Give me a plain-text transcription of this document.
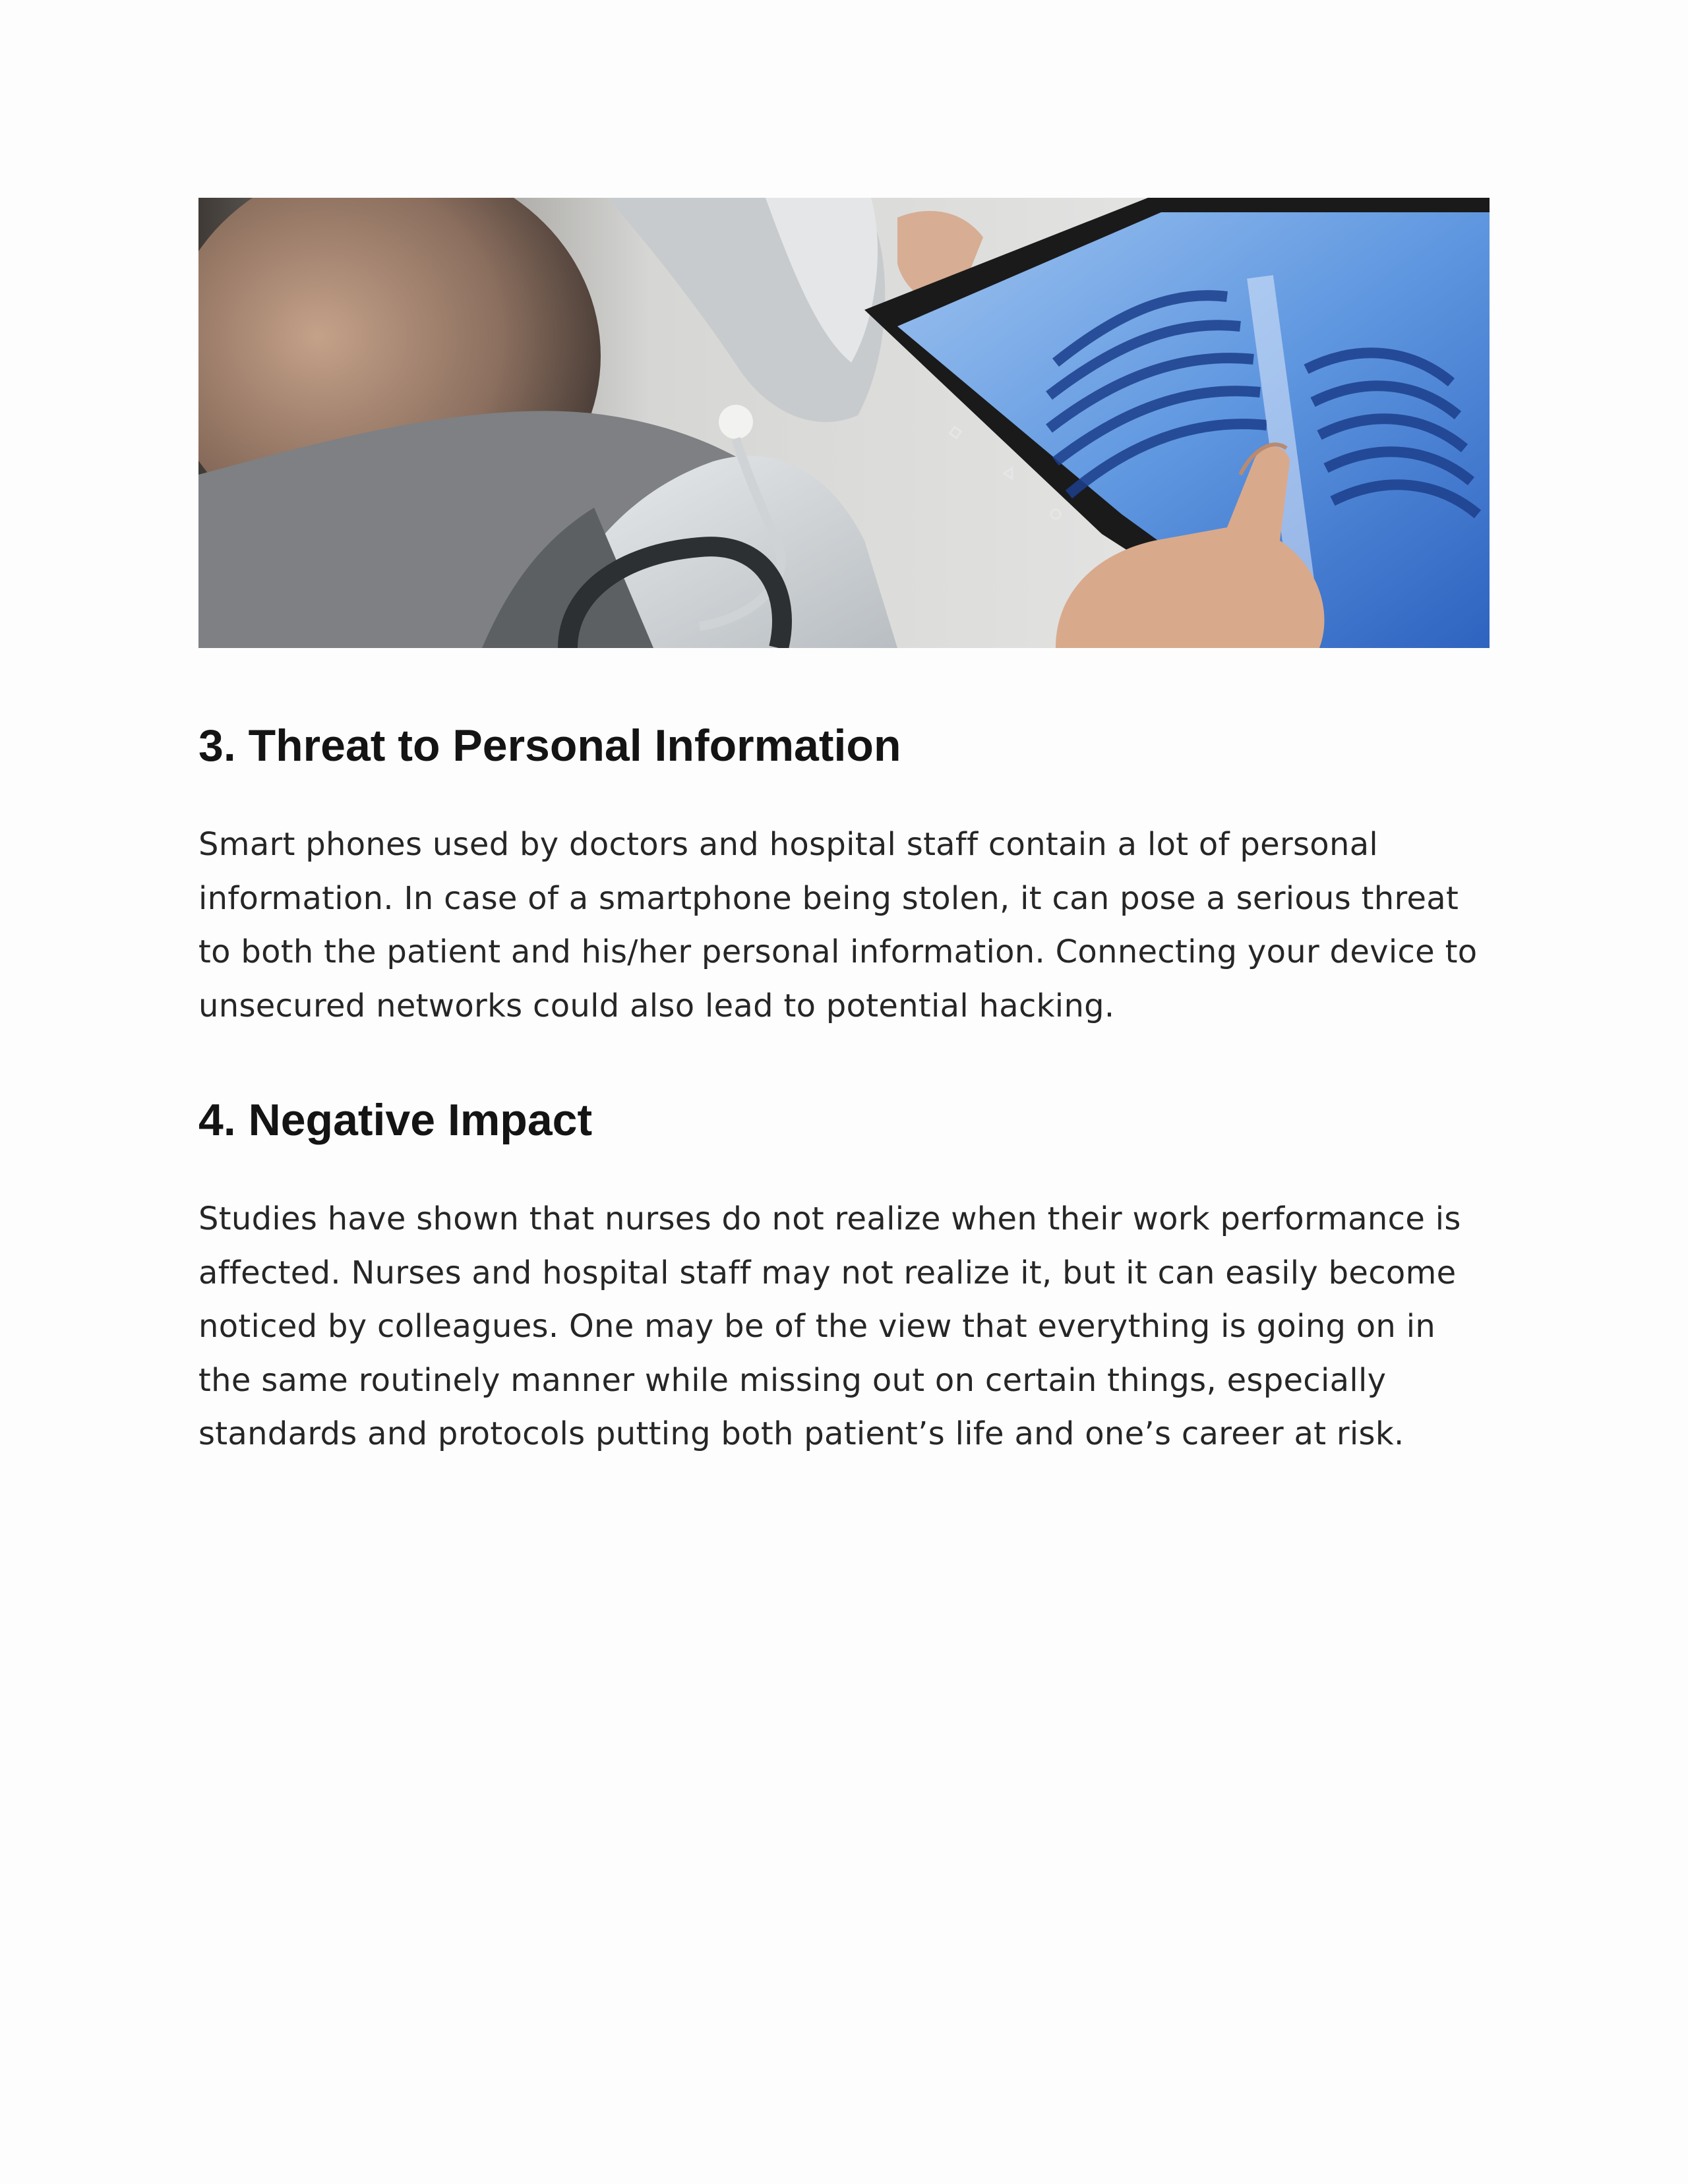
3. Threat to Personal Information

Smart phones used by doctors and hospital staff contain a lot of personal information. In case of a smartphone being stolen, it can pose a serious threat to both the patient and his/her personal information. Connecting your device to unsecured networks could also lead to potential hacking.

4. Negative Impact

Studies have shown that nurses do not realize when their work performance is affected. Nurses and hospital staff may not realize it, but it can easily become noticed by colleagues. One may be of the view that everything is going on in the same routinely manner while missing out on certain things, especially standards and protocols putting both patient’s life and one’s career at risk.
